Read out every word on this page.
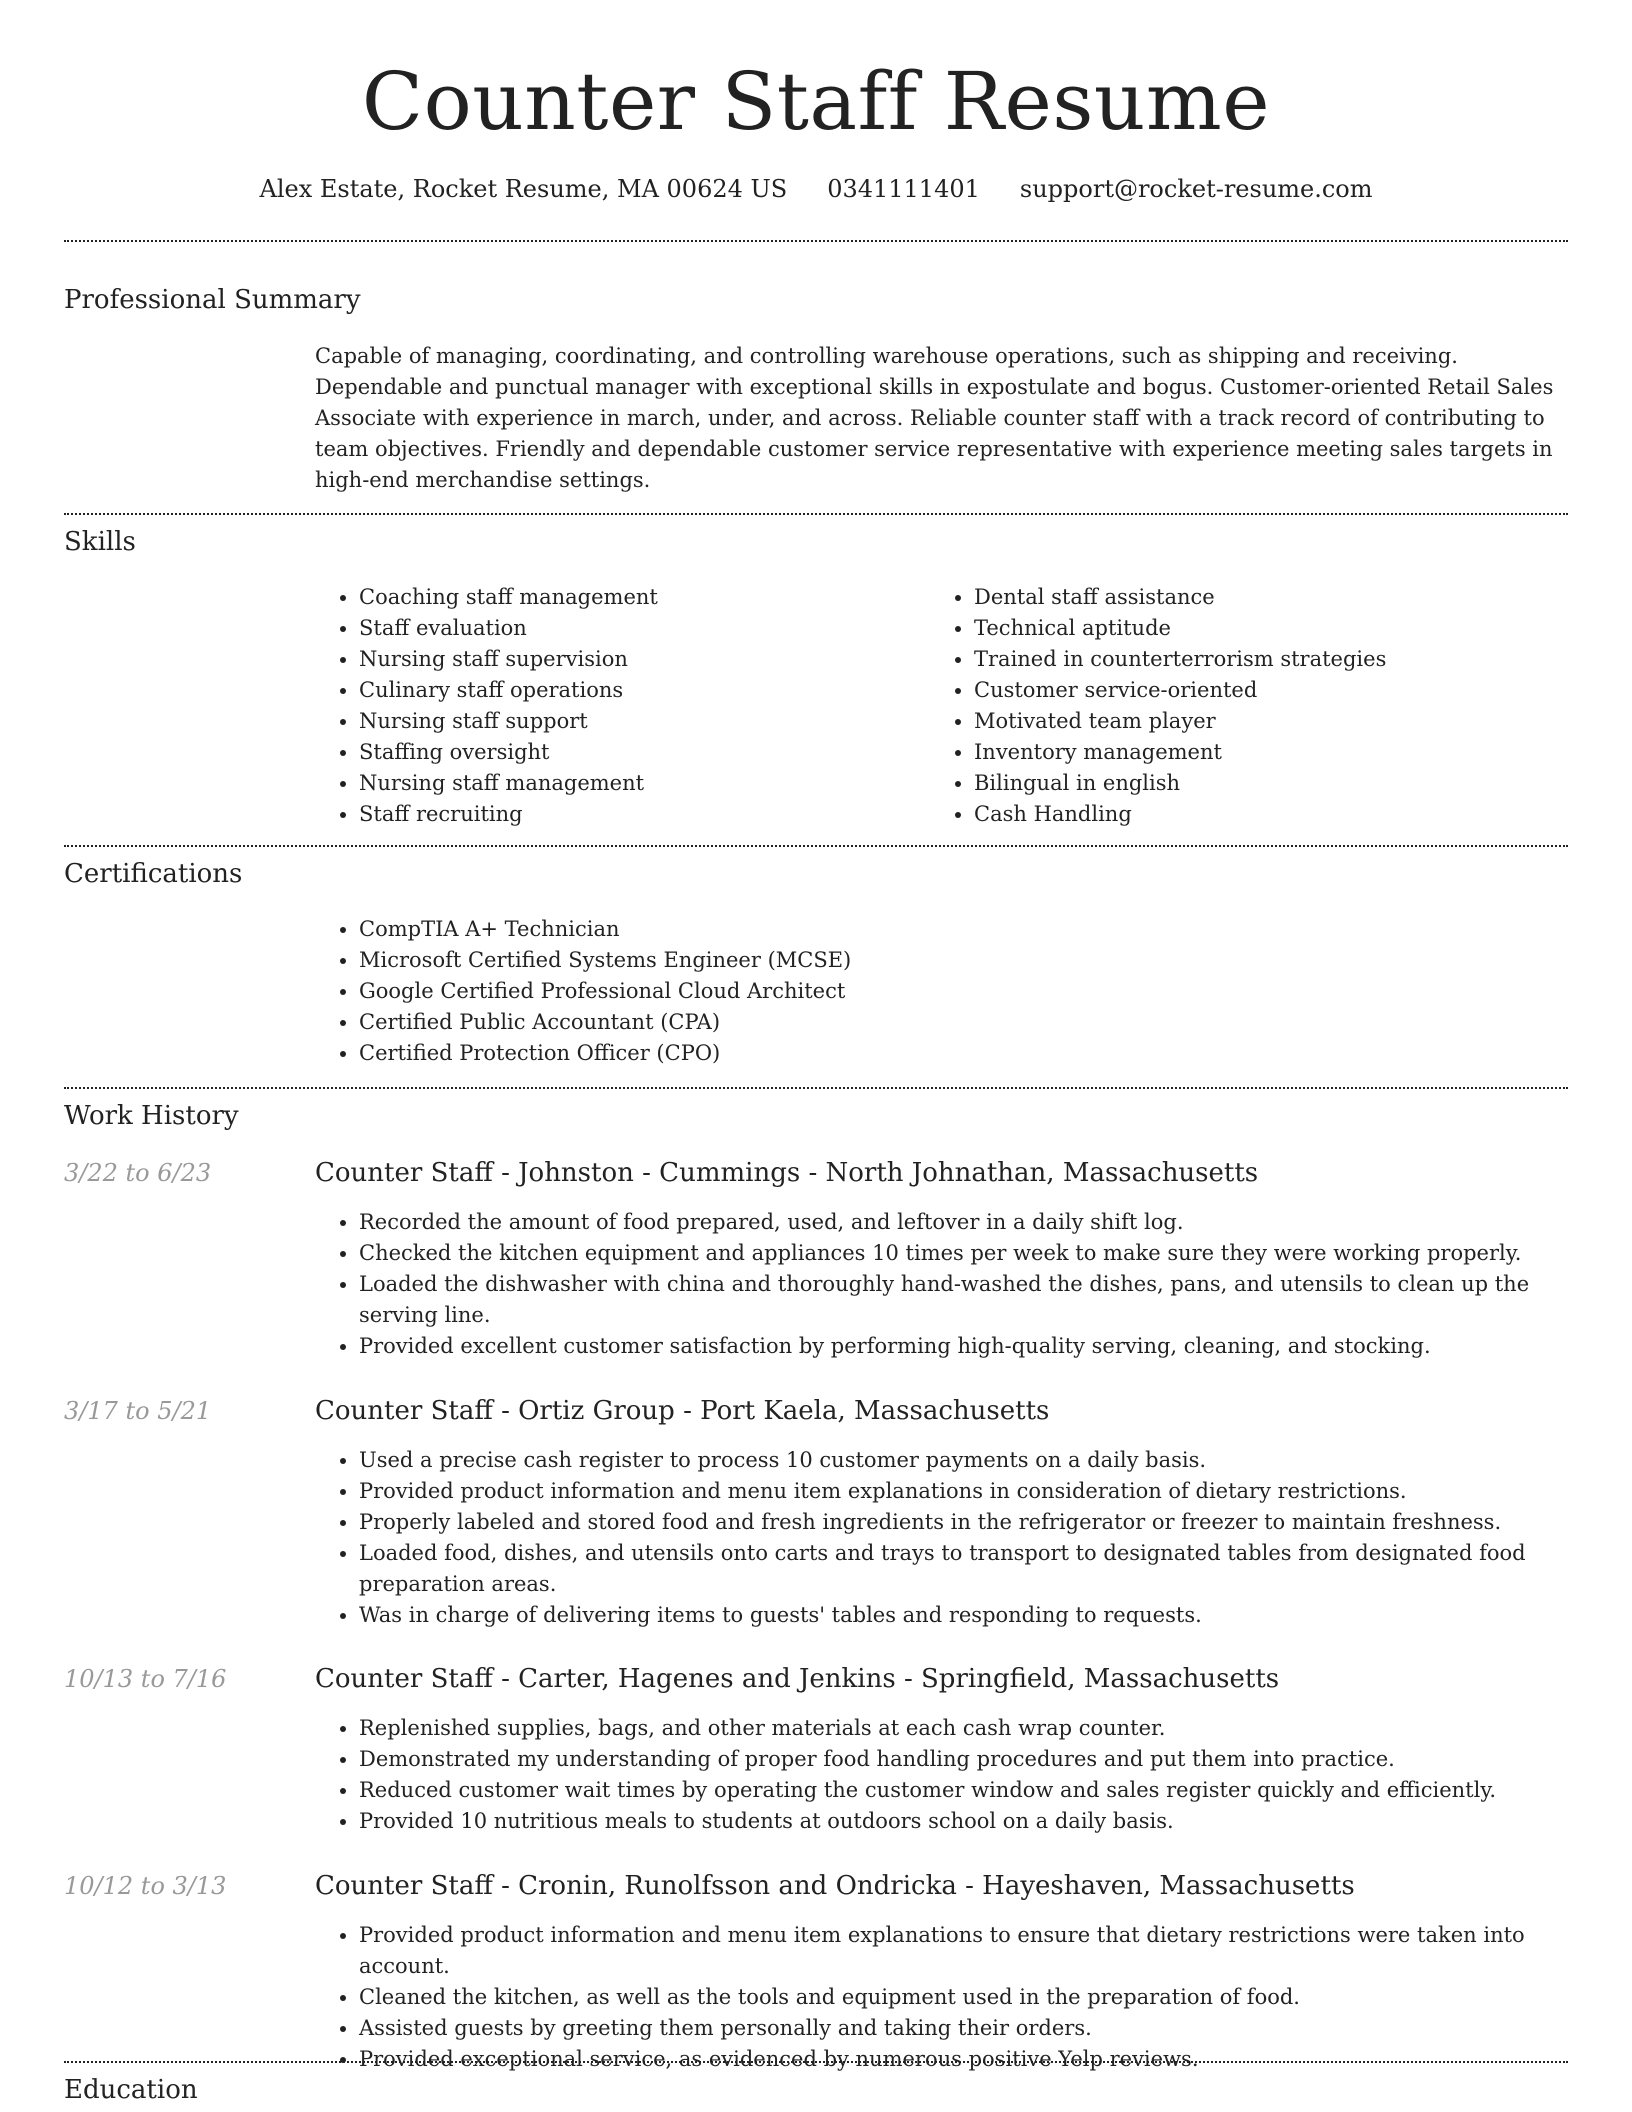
Counter Staff Resume
Alex Estate, Rocket Resume, MA 00624 US 0341111401 support@rocket-resume.com
Professional Summary

Capable of managing, coordinating, and controlling warehouse operations, such as shipping and receiving. Dependable and punctual manager with exceptional skills in expostulate and bogus. Customer-oriented Retail Sales Associate with experience in march, under, and across. Reliable counter staff with a track record of contributing to team objectives. Friendly and dependable customer service representative with experience meeting sales targets in high-end merchandise settings.

Skills
• Coaching staff management
• Staff evaluation
• Nursing staff supervision
• Culinary staff operations
• Nursing staff support
• Staffing oversight
• Nursing staff management
• Staff recruiting
• Dental staff assistance
• Technical aptitude
• Trained in counterterrorism strategies
• Customer service-oriented
• Motivated team player
• Inventory management
• Bilingual in english
• Cash Handling
Certifications
• CompTIA A+ Technician
• Microsoft Certified Systems Engineer (MCSE)
• Google Certified Professional Cloud Architect
• Certified Public Accountant (CPA)
• Certified Protection Officer (CPO)
Work History
3/22 to 6/23	Counter Staff - Johnston - Cummings - North Johnathan, Massachusetts
• Recorded the amount of food prepared, used, and leftover in a daily shift log.
• Checked the kitchen equipment and appliances 10 times per week to make sure they were working properly.
• Loaded the dishwasher with china and thoroughly hand-washed the dishes, pans, and utensils to clean up the serving line.
• Provided excellent customer satisfaction by performing high-quality serving, cleaning, and stocking.
3/17 to 5/21	Counter Staff - Ortiz Group - Port Kaela, Massachusetts
• Used a precise cash register to process 10 customer payments on a daily basis.
• Provided product information and menu item explanations in consideration of dietary restrictions.
• Properly labeled and stored food and fresh ingredients in the refrigerator or freezer to maintain freshness.
• Loaded food, dishes, and utensils onto carts and trays to transport to designated tables from designated food preparation areas.
• Was in charge of delivering items to guests' tables and responding to requests.
10/13 to 7/16	Counter Staff - Carter, Hagenes and Jenkins - Springfield, Massachusetts
• Replenished supplies, bags, and other materials at each cash wrap counter.
• Demonstrated my understanding of proper food handling procedures and put them into practice.
• Reduced customer wait times by operating the customer window and sales register quickly and efficiently.
• Provided 10 nutritious meals to students at outdoors school on a daily basis.
10/12 to 3/13	Counter Staff - Cronin, Runolfsson and Ondricka - Hayeshaven, Massachusetts
• Provided product information and menu item explanations to ensure that dietary restrictions were taken into account.
• Cleaned the kitchen, as well as the tools and equipment used in the preparation of food.
• Assisted guests by greeting them personally and taking their orders.
• Provided exceptional service, as evidenced by numerous positive Yelp reviews.
Education
